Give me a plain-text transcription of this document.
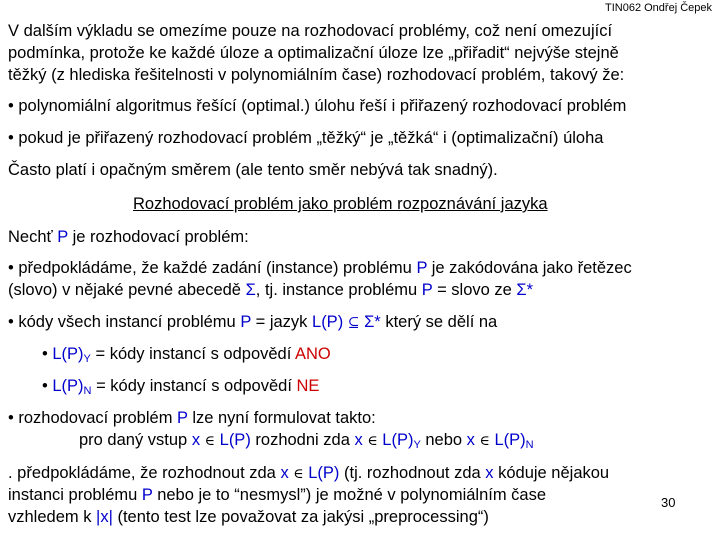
TIN062 Ondřej Čepek
V dalším výkladu se omezíme pouze na rozhodovací problémy, což není omezující
podmínka, protože ke každé úloze a optimalizační úloze lze „přiřadit“ nejvýše stejně
těžký (z hlediska řešitelnosti v polynomiálním čase) rozhodovací problém, takový že:
• polynomiální algoritmus řešící (optimal.) úlohu řeší i přiřazený rozhodovací problém
• pokud je přiřazený rozhodovací problém „těžký“ je „těžká“ i (optimalizační) úloha
Často platí i opačným směrem (ale tento směr nebývá tak snadný).
Rozhodovací problém jako problém rozpoznávání jazyka
Nechť P je rozhodovací problém:
• předpokládáme, že každé zadání (instance) problému P je zakódována jako řetězec
(slovo) v nějaké pevné abecedě Σ, tj. instance problému P = slovo ze Σ*
• kódy všech instancí problému P = jazyk L(P) ⊆ Σ* který se dělí na
• $L(P)_Y$ = kódy instancí s odpovědí ANO
• $L(P)_N$ = kódy instancí s odpovědí NE
• rozhodovací problém P lze nyní formulovat takto:
pro daný vstup x ∈ L(P) rozhodni zda x ∈ $L(P)_Y$ nebo x ∈ $L(P)_N$
. předpokládáme, že rozhodnout zda x ∈ L(P) (tj. rozhodnout zda x kóduje nějakou
instanci problému P nebo je to “nesmysl”) je možné v polynomiálním čase
vzhledem k |x| (tento test lze považovat za jakýsi „preprocessing“)
30
